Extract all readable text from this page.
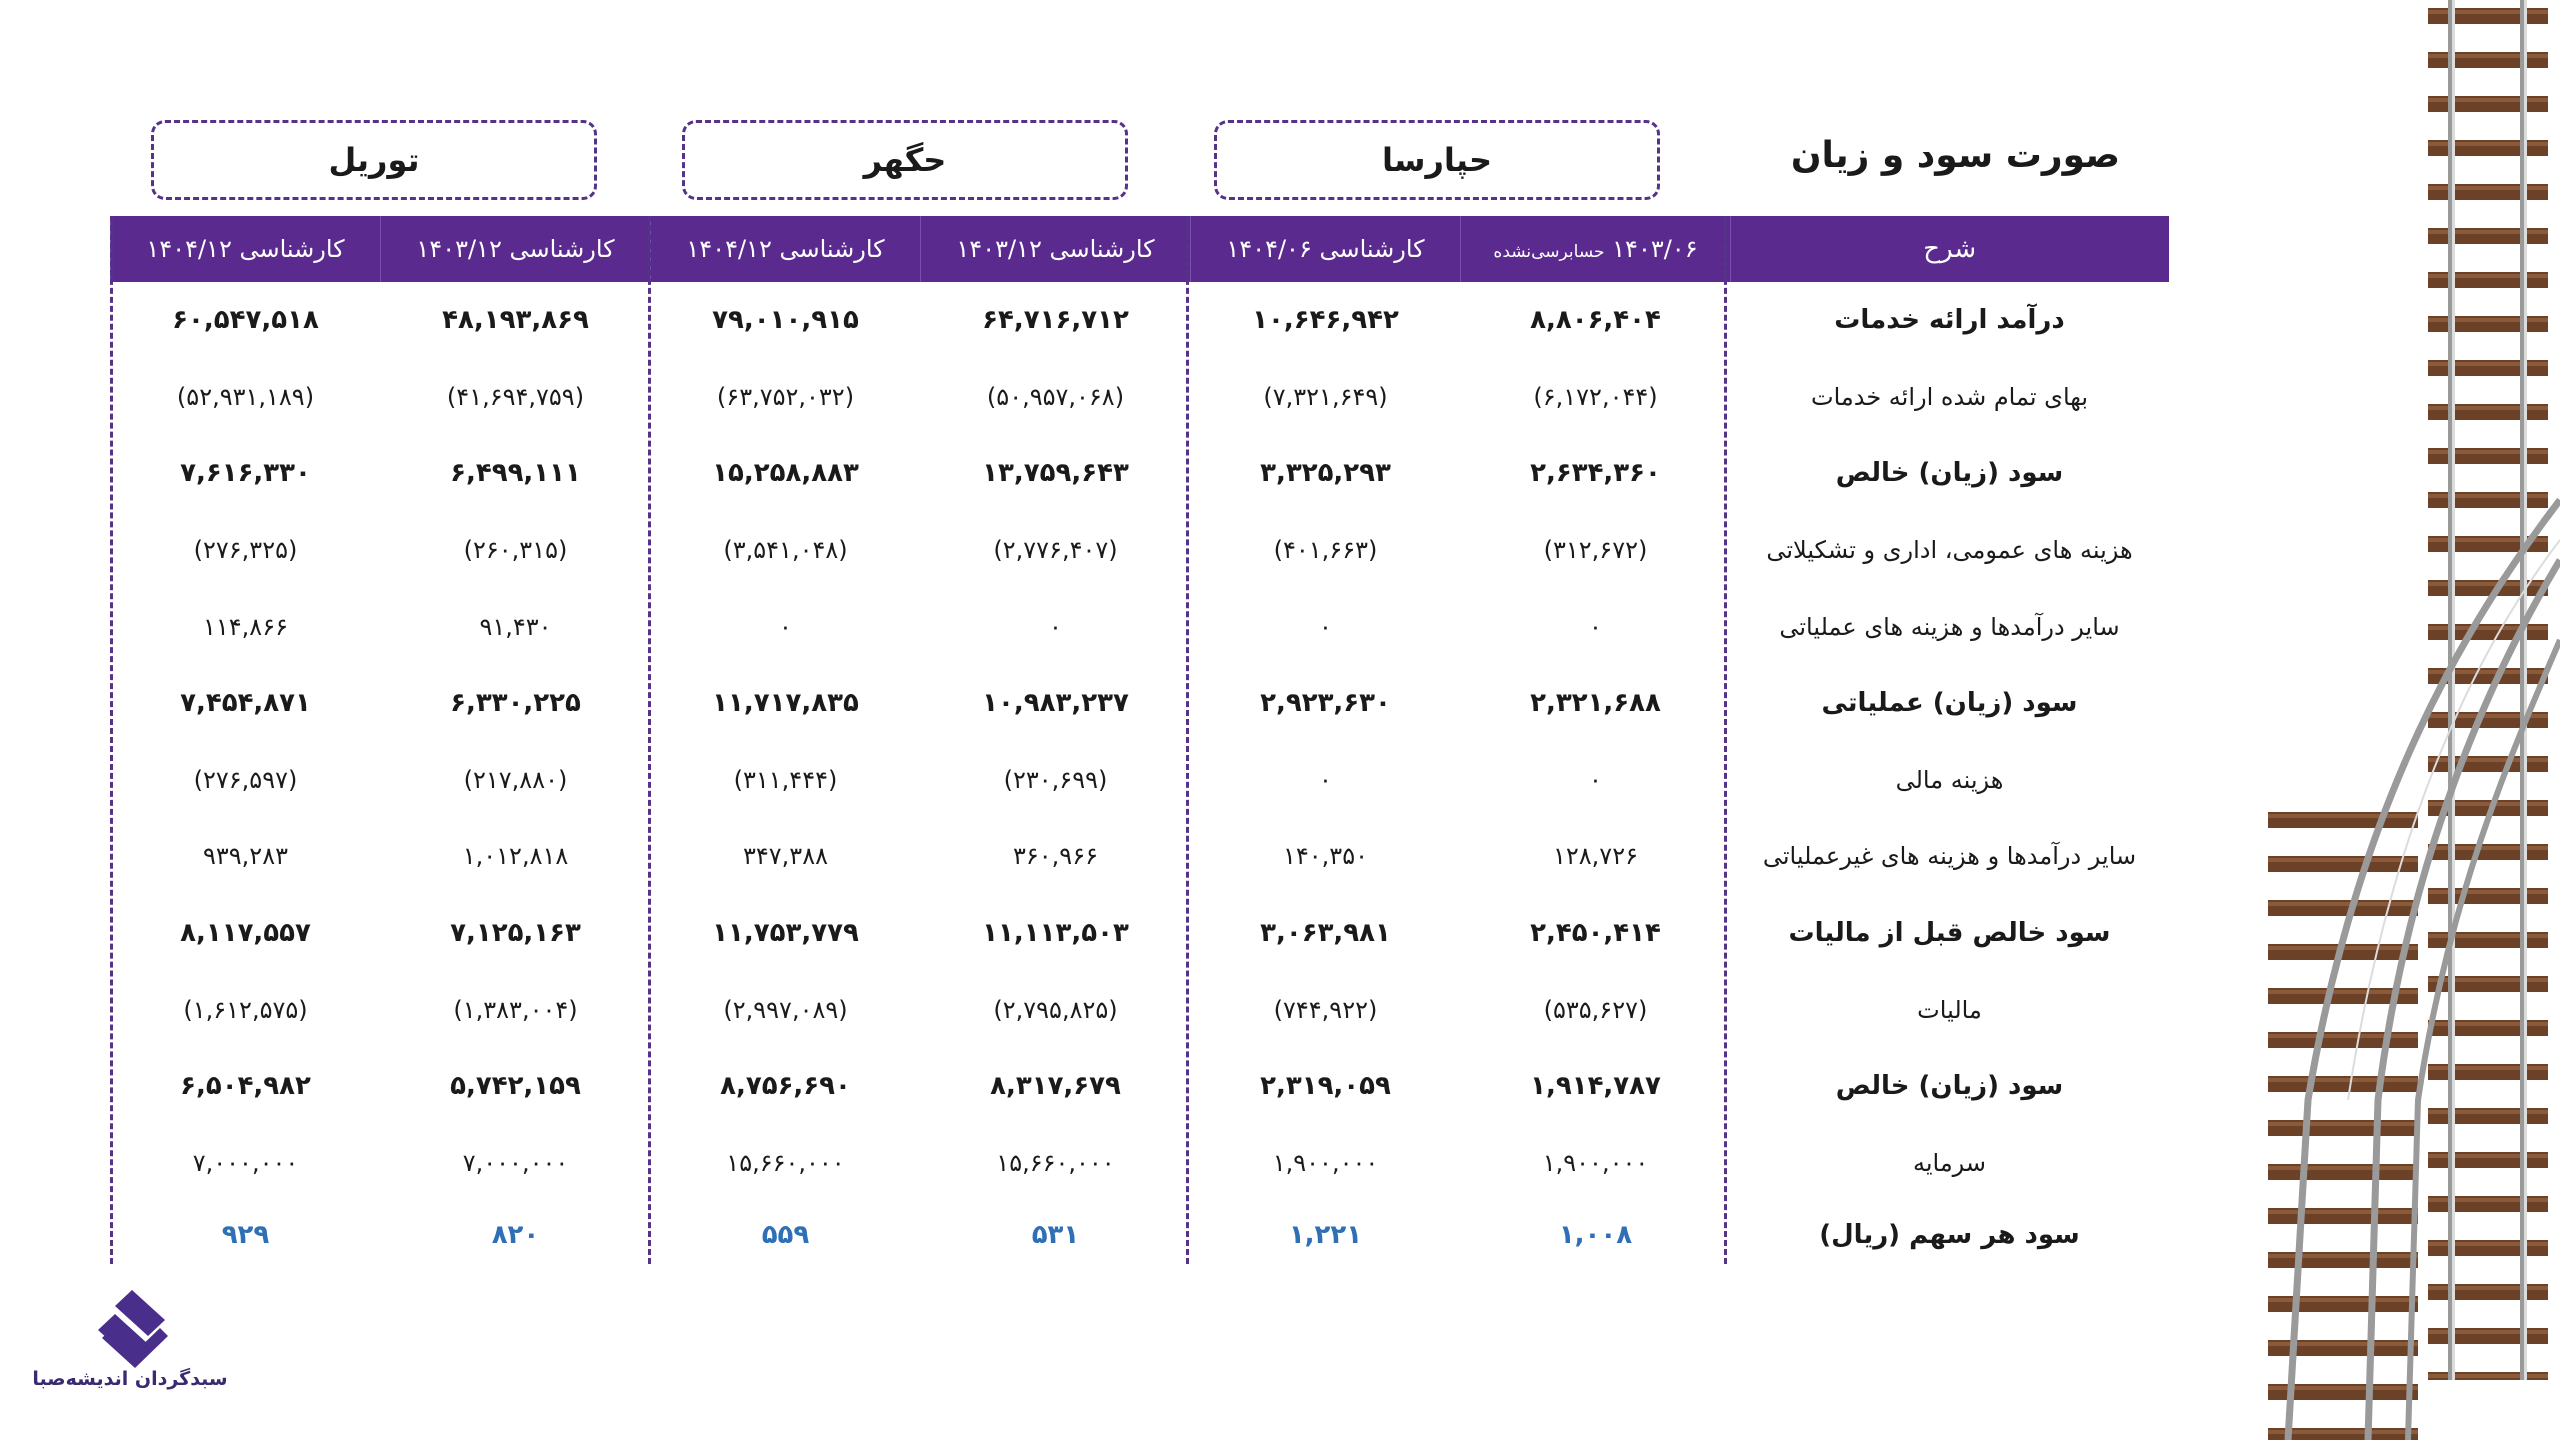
صورت سود و زیان
حپارسا
حگهر
توریل
شرح	۱۴۰۳/۰۶ حسابرسی‌نشده	کارشناسی ۱۴۰۴/۰۶	کارشناسی ۱۴۰۳/۱۲	کارشناسی ۱۴۰۴/۱۲	کارشناسی ۱۴۰۳/۱۲	کارشناسی ۱۴۰۴/۱۲
درآمد ارائه خدمات	۸,۸۰۶,۴۰۴	۱۰,۶۴۶,۹۴۲	۶۴,۷۱۶,۷۱۲	۷۹,۰۱۰,۹۱۵	۴۸,۱۹۳,۸۶۹	۶۰,۵۴۷,۵۱۸
بهای تمام شده ارائه خدمات	(۶,۱۷۲,۰۴۴)	(۷,۳۲۱,۶۴۹)	(۵۰,۹۵۷,۰۶۸)	(۶۳,۷۵۲,۰۳۲)	(۴۱,۶۹۴,۷۵۹)	(۵۲,۹۳۱,۱۸۹)
سود (زیان) خالص	۲,۶۳۴,۳۶۰	۳,۳۲۵,۲۹۳	۱۳,۷۵۹,۶۴۳	۱۵,۲۵۸,۸۸۳	۶,۴۹۹,۱۱۱	۷,۶۱۶,۳۳۰
هزینه های عمومی، اداری و تشکیلاتی	(۳۱۲,۶۷۲)	(۴۰۱,۶۶۳)	(۲,۷۷۶,۴۰۷)	(۳,۵۴۱,۰۴۸)	(۲۶۰,۳۱۵)	(۲۷۶,۳۲۵)
سایر درآمدها و هزینه های عملیاتی	۰	۰	۰	۰	۹۱,۴۳۰	۱۱۴,۸۶۶
سود (زیان) عملیاتی	۲,۳۲۱,۶۸۸	۲,۹۲۳,۶۳۰	۱۰,۹۸۳,۲۳۷	۱۱,۷۱۷,۸۳۵	۶,۳۳۰,۲۲۵	۷,۴۵۴,۸۷۱
هزینه مالی	۰	۰	(۲۳۰,۶۹۹)	(۳۱۱,۴۴۴)	(۲۱۷,۸۸۰)	(۲۷۶,۵۹۷)
سایر درآمدها و هزینه های غیرعملیاتی	۱۲۸,۷۲۶	۱۴۰,۳۵۰	۳۶۰,۹۶۶	۳۴۷,۳۸۸	۱,۰۱۲,۸۱۸	۹۳۹,۲۸۳
سود خالص قبل از مالیات	۲,۴۵۰,۴۱۴	۳,۰۶۳,۹۸۱	۱۱,۱۱۳,۵۰۳	۱۱,۷۵۳,۷۷۹	۷,۱۲۵,۱۶۳	۸,۱۱۷,۵۵۷
مالیات	(۵۳۵,۶۲۷)	(۷۴۴,۹۲۲)	(۲,۷۹۵,۸۲۵)	(۲,۹۹۷,۰۸۹)	(۱,۳۸۳,۰۰۴)	(۱,۶۱۲,۵۷۵)
سود (زیان) خالص	۱,۹۱۴,۷۸۷	۲,۳۱۹,۰۵۹	۸,۳۱۷,۶۷۹	۸,۷۵۶,۶۹۰	۵,۷۴۲,۱۵۹	۶,۵۰۴,۹۸۲
سرمایه	۱,۹۰۰,۰۰۰	۱,۹۰۰,۰۰۰	۱۵,۶۶۰,۰۰۰	۱۵,۶۶۰,۰۰۰	۷,۰۰۰,۰۰۰	۷,۰۰۰,۰۰۰
سود هر سهم (ریال)	۱,۰۰۸	۱,۲۲۱	۵۳۱	۵۵۹	۸۲۰	۹۲۹
سبدگردان اندیشه‌صبا
